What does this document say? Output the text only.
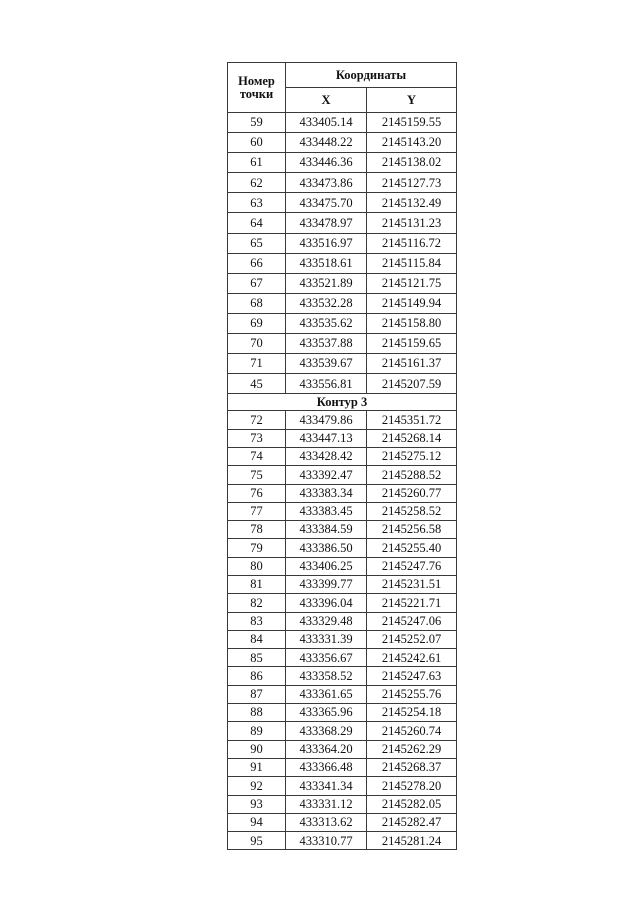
Номер
точки	Координаты	
	X	Y
59	433405.14	2145159.55
60	433448.22	2145143.20
61	433446.36	2145138.02
62	433473.86	2145127.73
63	433475.70	2145132.49
64	433478.97	2145131.23
65	433516.97	2145116.72
66	433518.61	2145115.84
67	433521.89	2145121.75
68	433532.28	2145149.94
69	433535.62	2145158.80
70	433537.88	2145159.65
71	433539.67	2145161.37
45	433556.81	2145207.59
Контур 3		
72	433479.86	2145351.72
73	433447.13	2145268.14
74	433428.42	2145275.12
75	433392.47	2145288.52
76	433383.34	2145260.77
77	433383.45	2145258.52
78	433384.59	2145256.58
79	433386.50	2145255.40
80	433406.25	2145247.76
81	433399.77	2145231.51
82	433396.04	2145221.71
83	433329.48	2145247.06
84	433331.39	2145252.07
85	433356.67	2145242.61
86	433358.52	2145247.63
87	433361.65	2145255.76
88	433365.96	2145254.18
89	433368.29	2145260.74
90	433364.20	2145262.29
91	433366.48	2145268.37
92	433341.34	2145278.20
93	433331.12	2145282.05
94	433313.62	2145282.47
95	433310.77	2145281.24
